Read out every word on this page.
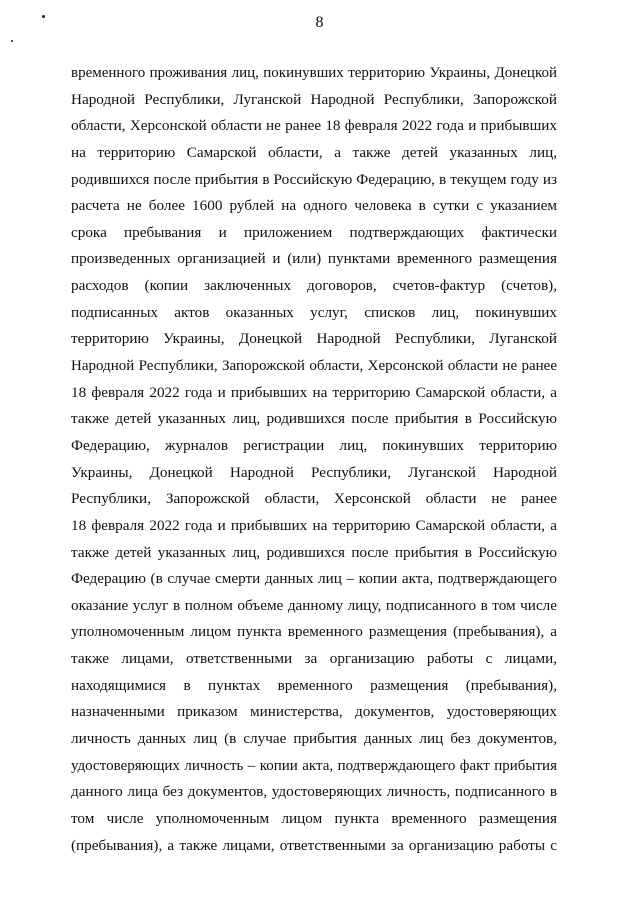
8
временного проживания лиц, покинувших территорию Украины, Донецкой
Народной Республики, Луганской Народной Республики, Запорожской
области, Херсонской области не ранее 18 февраля 2022 года и прибывших
на территорию Самарской области, а также детей указанных лиц,
родившихся после прибытия в Российскую Федерацию, в текущем году из
расчета не более 1600 рублей на одного человека в сутки с указанием
срока пребывания и приложением подтверждающих фактически
произведенных организацией и (или) пунктами временного размещения
расходов (копии заключенных договоров, счетов-фактур (счетов),
подписанных актов оказанных услуг, списков лиц, покинувших
территорию Украины, Донецкой Народной Республики, Луганской
Народной Республики, Запорожской области, Херсонской области не ранее
18 февраля 2022 года и прибывших на территорию Самарской области, а
также детей указанных лиц, родившихся после прибытия в Российскую
Федерацию, журналов регистрации лиц, покинувших территорию
Украины, Донецкой Народной Республики, Луганской Народной
Республики, Запорожской области, Херсонской области не ранее
18 февраля 2022 года и прибывших на территорию Самарской области, а
также детей указанных лиц, родившихся после прибытия в Российскую
Федерацию (в случае смерти данных лиц – копии акта, подтверждающего
оказание услуг в полном объеме данному лицу, подписанного в том числе
уполномоченным лицом пункта временного размещения (пребывания), а
также лицами, ответственными за организацию работы с лицами,
находящимися в пунктах временного размещения (пребывания),
назначенными приказом министерства, документов, удостоверяющих
личность данных лиц (в случае прибытия данных лиц без документов,
удостоверяющих личность – копии акта, подтверждающего факт прибытия
данного лица без документов, удостоверяющих личность, подписанного в
том числе уполномоченным лицом пункта временного размещения
(пребывания), а также лицами, ответственными за организацию работы с
